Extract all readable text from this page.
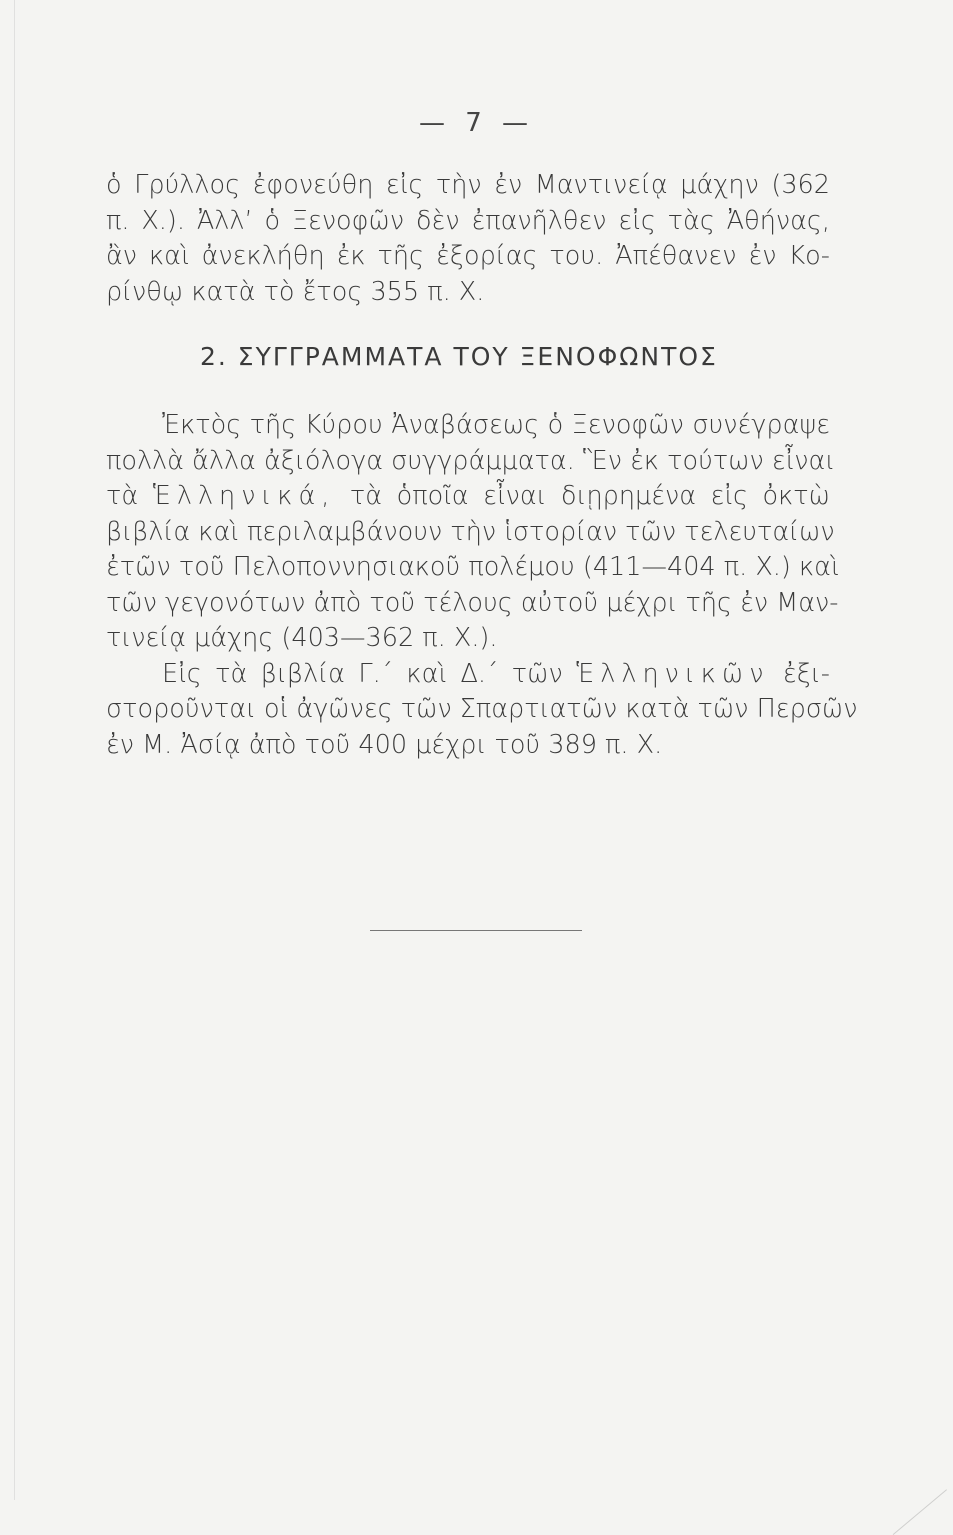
— 7 —
ὁ Γρύλλος ἐφονεύθη εἰς τὴν ἐν Μαντινείᾳ μάχην (362
π. Χ.). Ἀλλ’ ὁ Ξενοφῶν δὲν ἐπανῆλθεν εἰς τὰς Ἀθήνας,
ἂν καὶ ἀνεκλήθη ἐκ τῆς ἐξορίας του. Ἀπέθανεν ἐν Κο-
ρίνθῳ κατὰ τὸ ἔτος 355 π. Χ.
2. ΣΥΓΓΡΑΜΜΑΤΑ ΤΟΥ ΞΕΝΟΦΩΝΤΟΣ
Ἐκτὸς τῆς Κύρου Ἀναβάσεως ὁ Ξενοφῶν συνέγραψε
πολλὰ ἄλλα ἀξιόλογα συγγράμματα. Ἓν ἐκ τούτων εἶναι
τὰ Ἑλληνικά, τὰ ὁποῖα εἶναι διῃρημένα εἰς ὀκτὼ
βιβλία καὶ περιλαμβάνουν τὴν ἱστορίαν τῶν τελευταίων
ἐτῶν τοῦ Πελοποννησιακοῦ πολέμου (411—404 π. Χ.) καὶ
τῶν γεγονότων ἀπὸ τοῦ τέλους αὐτοῦ μέχρι τῆς ἐν Μαν-
τινείᾳ μάχης (403—362 π. Χ.).
Εἰς τὰ βιβλία Γ.΄ καὶ Δ.΄ τῶν Ἑλληνικῶν ἐξι-
στοροῦνται οἱ ἀγῶνες τῶν Σπαρτιατῶν κατὰ τῶν Περσῶν
ἐν Μ. Ἀσίᾳ ἀπὸ τοῦ 400 μέχρι τοῦ 389 π. Χ.
